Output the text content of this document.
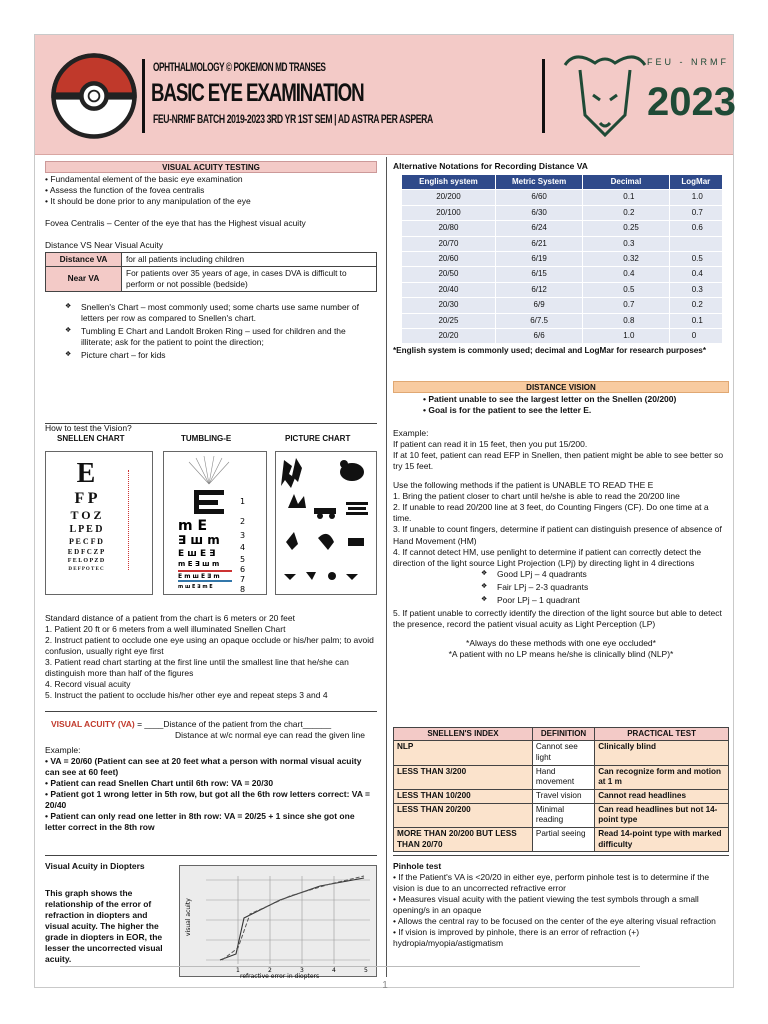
OPHTHALMOLOGY © POKEMON MD TRANSES
BASIC EYE EXAMINATION
FEU-NRMF BATCH 2019-2023 3RD YR 1ST SEM | AD ASTRA PER ASPERA
FEU - NRMF
2023
VISUAL ACUITY TESTING
• Fundamental element of the basic eye examination
• Assess the function of the fovea centralis
• It should be done prior to any manipulation of the eye
Fovea Centralis – Center of the eye that has the Highest visual acuity
Distance VS Near Visual Acuity
Distance VA	for all patients including children
Near VA	For patients over 35 years of age, in cases DVA is difficult to perform or not possible (bedside)
❖ Snellen's Chart – most commonly used; some charts use same number of letters per row as compared to Snellen's chart.
❖ Tumbling E Chart and Landolt Broken Ring – used for children and the illiterate; ask for the patient to point the direction;
❖ Picture chart – for kids
How to test the Vision?
SNELLEN CHART	TUMBLING-E	PICTURE CHART
E
F P
T O Z
L P E D
P E C F D
E D F C Z P
F E L O P Z D
D E F P O T E C
m E
∃ ш m
E ш E ∃
m E ∃ ш m
E m ш E ∃ m
m ш E ∃ m E
1
2
3
4
5
6
7
8
Standard distance of a patient from the chart is 6 meters or 20 feet
1. Patient 20 ft or 6 meters from a well illuminated Snellen Chart
2. Instruct patient to occlude one eye using an opaque occlude or his/her palm; to avoid confusion, usually right eye first
3. Patient read chart starting at the first line until the smallest line that he/she can distinguish more than half of the figures
4. Record visual acuity
5. Instruct the patient to occlude his/her other eye and repeat steps 3 and 4
VISUAL ACUITY (VA) = ____Distance of the patient from the chart______
Distance at w/c normal eye can read the given line
Example:
• VA = 20/60 (Patient can see at 20 feet what a person with normal visual acuity can see at 60 feet)
• Patient can read Snellen Chart until 6th row: VA = 20/30
• Patient got 1 wrong letter in 5th row, but got all the 6th row letters correct: VA = 20/40
• Patient can only read one letter in 8th row: VA = 20/25 + 1 since she got one letter correct in the 8th row
Visual Acuity in Diopters
This graph shows the relationship of the error of refraction in diopters and visual acuity. The higher the grade in diopters in EOR, the lesser the uncorrected visual acuity.
visual acuity
1	2	3	4	5
refractive error in diopters
Alternative Notations for Recording Distance VA
English system	Metric System	Decimal	LogMar
20/200	6/60	0.1	1.0
20/100	6/30	0.2	0.7
20/80	6/24	0.25	0.6
20/70	6/21	0.3	
20/60	6/19	0.32	0.5
20/50	6/15	0.4	0.4
20/40	6/12	0.5	0.3
20/30	6/9	0.7	0.2
20/25	6/7.5	0.8	0.1
20/20	6/6	1.0	0
*English system is commonly used; decimal and LogMar for research purposes*
DISTANCE VISION
• Patient unable to see the largest letter on the Snellen (20/200)
• Goal is for the patient to see the letter E.
Example:
If patient can read it in 15 feet, then you put 15/200.
If at 10 feet, patient can read EFP in Snellen, then patient might be able to see better so try 15 feet.
Use the following methods if the patient is UNABLE TO READ THE E
1. Bring the patient closer to chart until he/she is able to read the 20/200 line
2. If unable to read 20/200 line at 3 feet, do Counting Fingers (CF). Do one time at a time.
3. If unable to count fingers, determine if patient can distinguish presence of absence of Hand Movement (HM)
4. If cannot detect HM, use penlight to determine if patient can correctly detect the direction of the light source Light Projection (LPj) by directing light in 4 directions
❖ Good LPj – 4 quadrants
❖ Fair LPj – 2-3 quadrants
❖ Poor LPj – 1 quadrant
5. If patient unable to correctly identify the direction of the light source but able to detect the presence, record the patient visual acuity as Light Perception (LP)
*Always do these methods with one eye occluded*
*A patient with no LP means he/she is clinically blind (NLP)*
SNELLEN'S INDEX	DEFINITION	PRACTICAL TEST
NLP	Cannot see light	Clinically blind
LESS THAN 3/200	Hand movement	Can recognize form and motion at 1 m
LESS THAN 10/200	Travel vision	Cannot read headlines
LESS THAN 20/200	Minimal reading	Can read headlines but not 14-point type
MORE THAN 20/200 BUT LESS THAN 20/70	Partial seeing	Read 14-point type with marked difficulty
Pinhole test
• If the Patient's VA is <20/20 in either eye, perform pinhole test is to determine if the vision is due to an uncorrected refractive error
• Measures visual acuity with the patient viewing the test symbols through a small opening/s in an opaque
• Allows the central ray to be focused on the center of the eye altering visual refraction
• If vision is improved by pinhole, there is an error of refraction (+) hydropia/myopia/astigmatism
1
